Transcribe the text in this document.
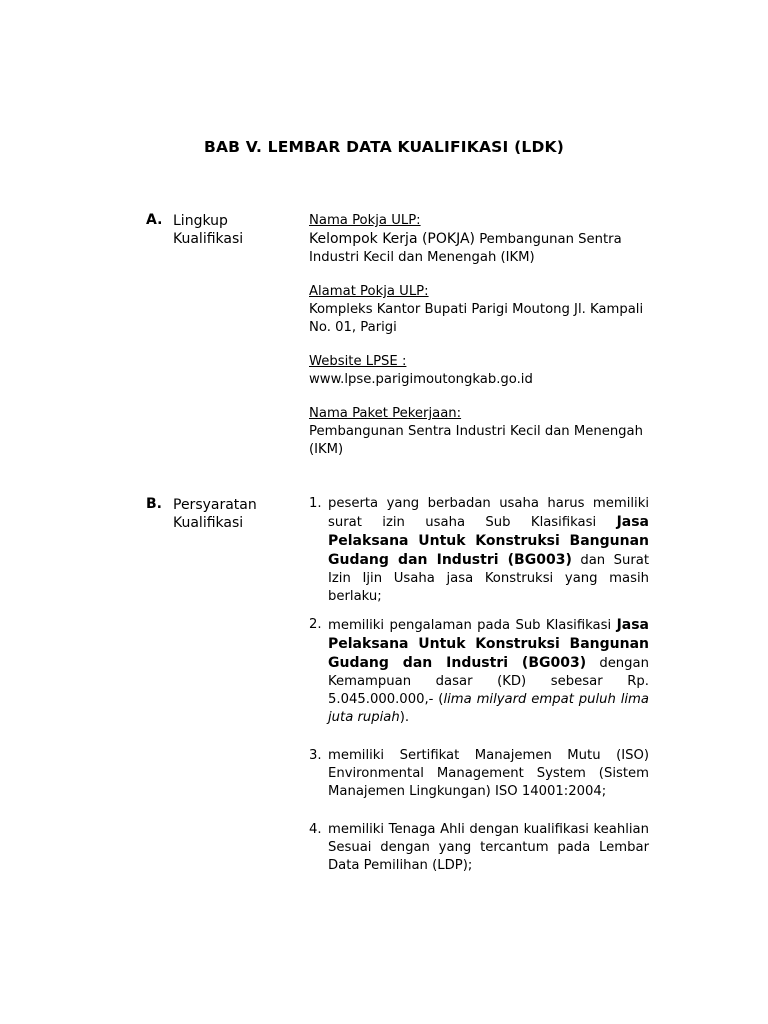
BAB V. LEMBAR DATA KUALIFIKASI (LDK)
A. Lingkup
Kualifikasi

Nama Pokja ULP:

Kelompok Kerja (POKJA) Pembangunan Sentra Industri Kecil dan Menengah (IKM)

Alamat Pokja ULP:

Kompleks Kantor Bupati Parigi Moutong Jl. Kampali No. 01, Parigi

Website LPSE :

www.lpse.parigimoutongkab.go.id

Nama Paket Pekerjaan:

Pembangunan Sentra Industri Kecil dan Menengah (IKM)

B. Persyaratan
Kualifikasi

1. peserta yang berbadan usaha harus memiliki surat izin usaha Sub Klasifikasi Jasa Pelaksana Untuk Konstruksi Bangunan Gudang dan Industri (BG003) dan Surat Izin Ijin Usaha jasa Konstruksi yang masih berlaku;

2. memiliki pengalaman pada Sub Klasifikasi Jasa Pelaksana Untuk Konstruksi Bangunan Gudang dan Industri (BG003) dengan Kemampuan dasar (KD) sebesar Rp. 5.045.000.000,- (lima milyard empat puluh lima juta rupiah).

3. memiliki Sertifikat Manajemen Mutu (ISO) Environmental Management System (Sistem Manajemen Lingkungan) ISO 14001:2004;

4. memiliki Tenaga Ahli dengan kualifikasi keahlian Sesuai dengan yang tercantum pada Lembar Data Pemilihan (LDP);
